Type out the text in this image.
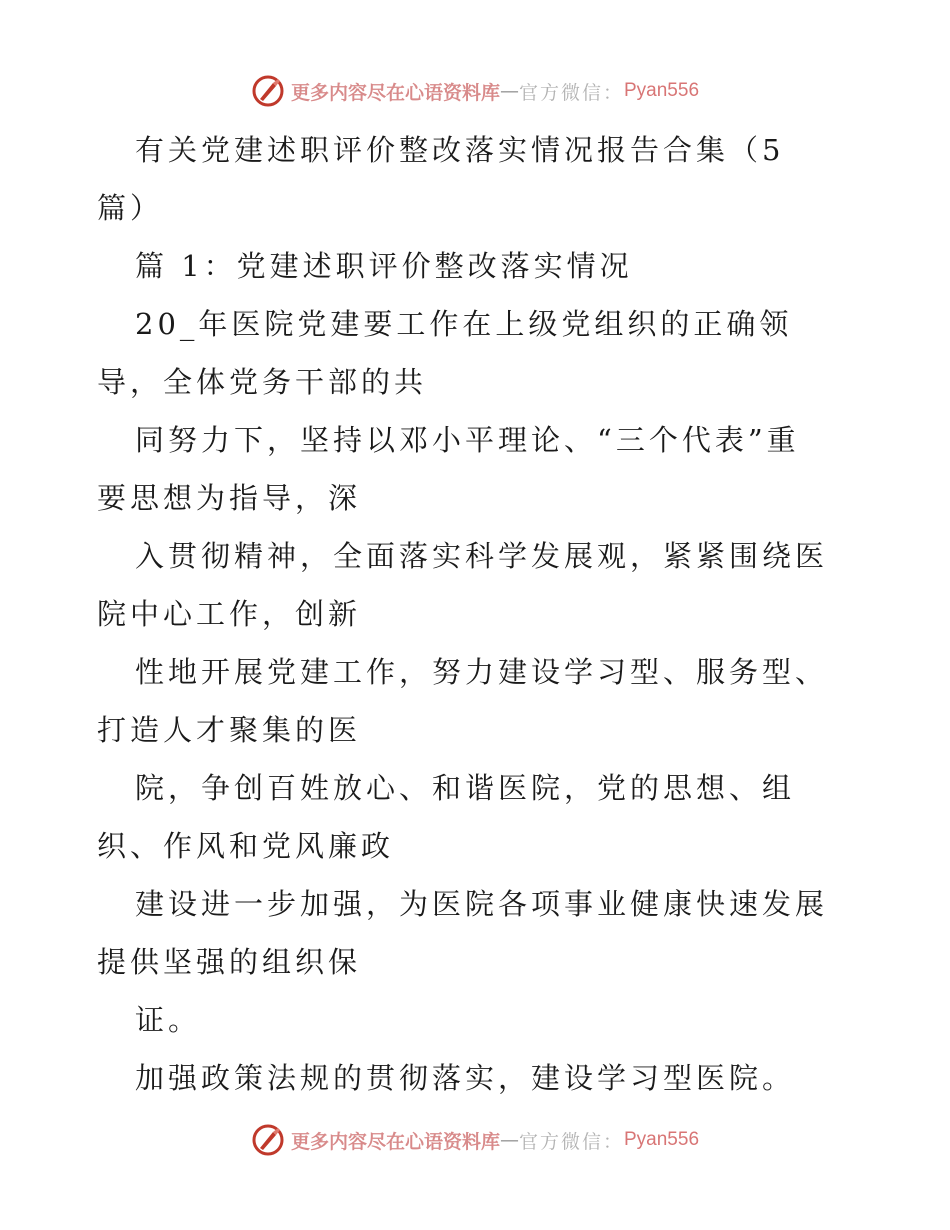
更多内容尽在心语资料库 — 官方微信： Pyan556

有关党建述职评价整改落实情况报告合集（5

篇）

篇 1：党建述职评价整改落实情况

20_年医院党建要工作在上级党组织的正确领

导，全体党务干部的共

同努力下，坚持以邓小平理论、“三个代表”重

要思想为指导，深

入贯彻精神，全面落实科学发展观，紧紧围绕医

院中心工作，创新

性地开展党建工作，努力建设学习型、服务型、

打造人才聚集的医

院，争创百姓放心、和谐医院，党的思想、组

织、作风和党风廉政

建设进一步加强，为医院各项事业健康快速发展

提供坚强的组织保

证。

加强政策法规的贯彻落实，建设学习型医院。

更多内容尽在心语资料库 — 官方微信： Pyan556
